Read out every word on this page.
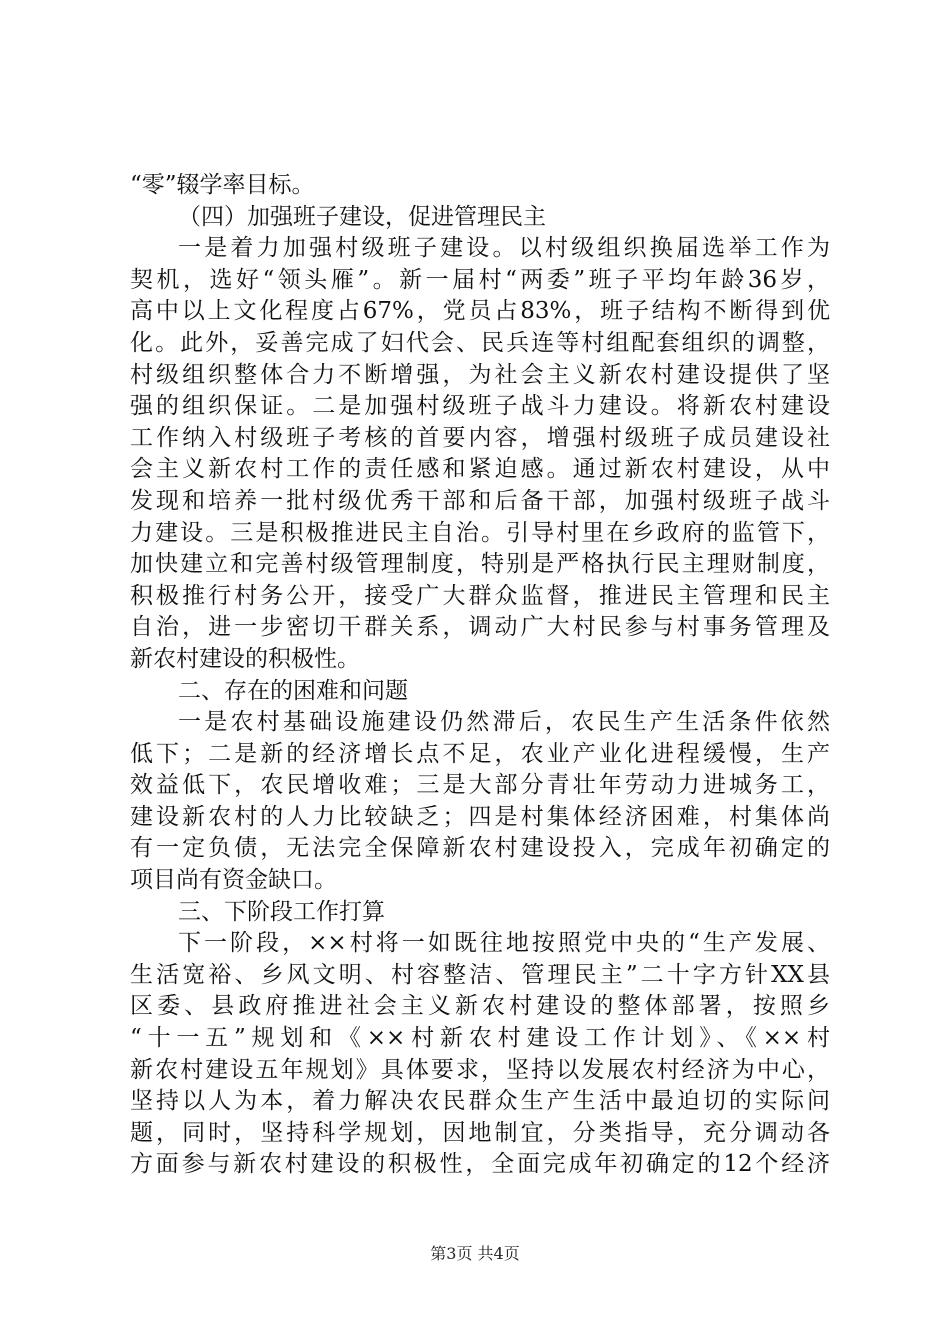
“零”辍学率目标。
（四）加强班子建设，促进管理民主
一是着力加强村级班子建设。以村级组织换届选举工作为
契机，选好“领头雁”。新一届村“两委”班子平均年龄36岁，
高中以上文化程度占67%，党员占83%，班子结构不断得到优
化。此外，妥善完成了妇代会、民兵连等村组配套组织的调整，
村级组织整体合力不断增强，为社会主义新农村建设提供了坚
强的组织保证。二是加强村级班子战斗力建设。将新农村建设
工作纳入村级班子考核的首要内容，增强村级班子成员建设社
会主义新农村工作的责任感和紧迫感。通过新农村建设，从中
发现和培养一批村级优秀干部和后备干部，加强村级班子战斗
力建设。三是积极推进民主自治。引导村里在乡政府的监管下，
加快建立和完善村级管理制度，特别是严格执行民主理财制度，
积极推行村务公开，接受广大群众监督，推进民主管理和民主
自治，进一步密切干群关系，调动广大村民参与村事务管理及
新农村建设的积极性。
二、存在的困难和问题
一是农村基础设施建设仍然滞后，农民生产生活条件依然
低下；二是新的经济增长点不足，农业产业化进程缓慢，生产
效益低下，农民增收难；三是大部分青壮年劳动力进城务工，
建设新农村的人力比较缺乏；四是村集体经济困难，村集体尚
有一定负债，无法完全保障新农村建设投入，完成年初确定的
项目尚有资金缺口。
三、下阶段工作打算
下一阶段，××村将一如既往地按照党中央的“生产发展、
生活宽裕、乡风文明、村容整洁、管理民主”二十字方针XX县
区委、县政府推进社会主义新农村建设的整体部署，按照乡
“十一五”规划和《××村新农村建设工作计划》、《××村
新农村建设五年规划》具体要求，坚持以发展农村经济为中心，
坚持以人为本，着力解决农民群众生产生活中最迫切的实际问
题，同时，坚持科学规划，因地制宜，分类指导，充分调动各
方面参与新农村建设的积极性，全面完成年初确定的12个经济
第3页 共4页
